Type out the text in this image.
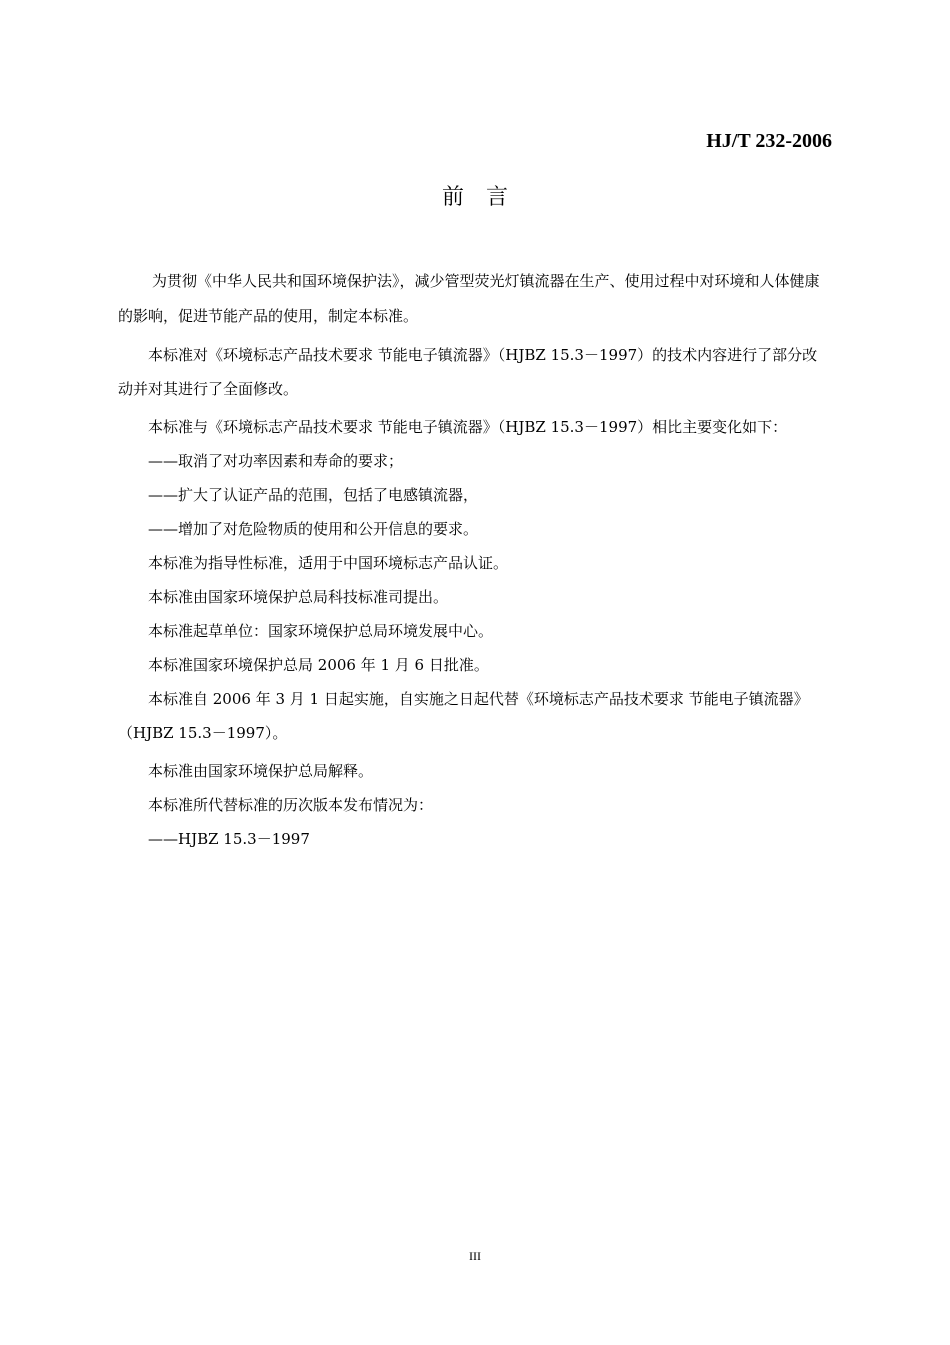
HJ/T 232-2006
前言

为贯彻《中华人民共和国环境保护法》，减少管型荧光灯镇流器在生产、使用过程中对环境和人体健康的影响，促进节能产品的使用，制定本标准。

本标准对《环境标志产品技术要求 节能电子镇流器》（HJBZ 15.3－1997）的技术内容进行了部分改动并对其进行了全面修改。

本标准与《环境标志产品技术要求 节能电子镇流器》（HJBZ 15.3－1997）相比主要变化如下：

——取消了对功率因素和寿命的要求；

——扩大了认证产品的范围，包括了电感镇流器，

——增加了对危险物质的使用和公开信息的要求。

本标准为指导性标准，适用于中国环境标志产品认证。

本标准由国家环境保护总局科技标准司提出。

本标准起草单位：国家环境保护总局环境发展中心。

本标准国家环境保护总局 2006 年 1 月 6 日批准。

本标准自 2006 年 3 月 1 日起实施，自实施之日起代替《环境标志产品技术要求 节能电子镇流器》（HJBZ 15.3－1997）。

本标准由国家环境保护总局解释。

本标准所代替标准的历次版本发布情况为：

——HJBZ 15.3－1997

III
